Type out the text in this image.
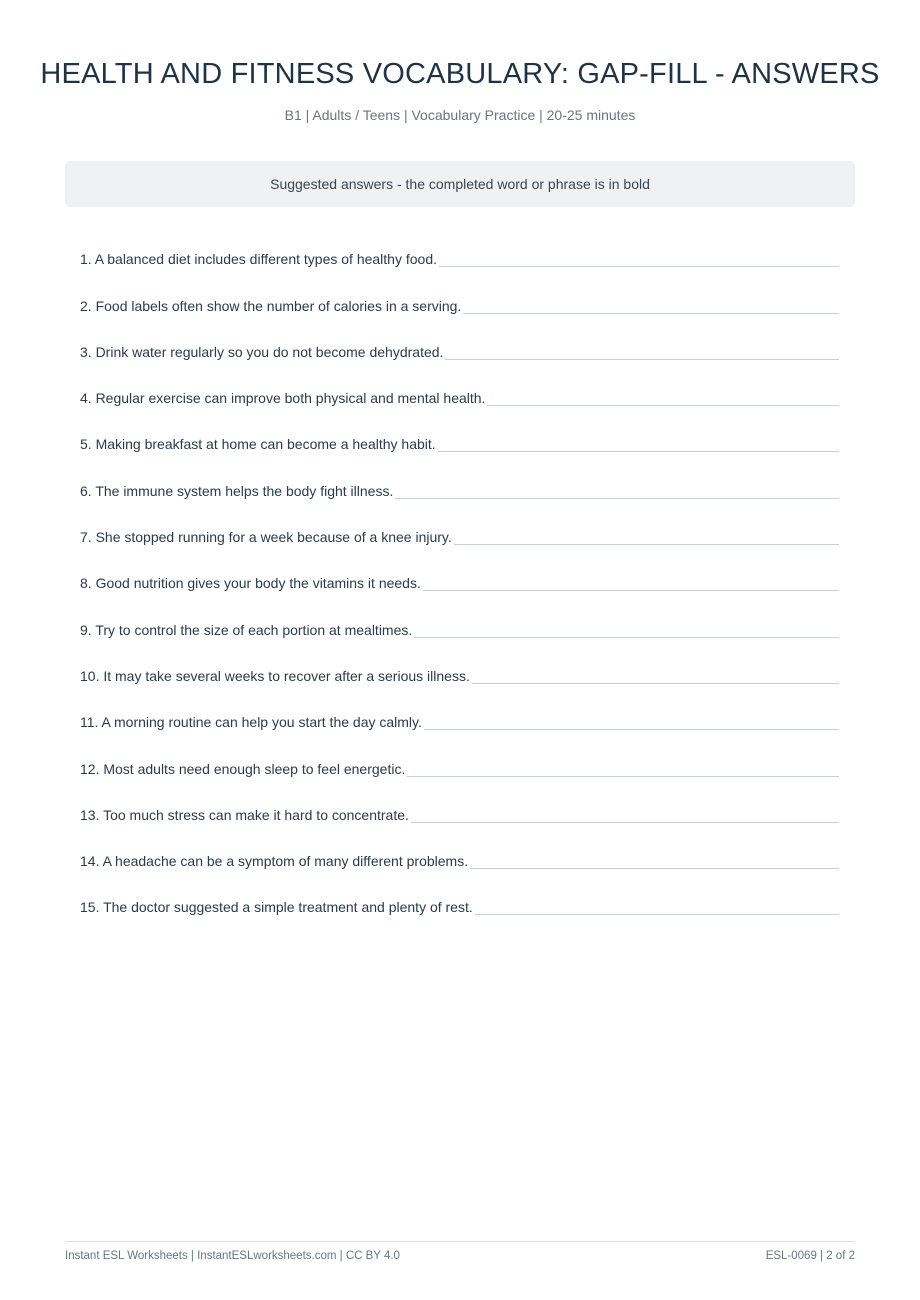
HEALTH AND FITNESS VOCABULARY: GAP-FILL - ANSWERS

B1 | Adults / Teens | Vocabulary Practice | 20-25 minutes

Suggested answers - the completed word or phrase is in bold
1. A balanced diet includes different types of healthy food.
2. Food labels often show the number of calories in a serving.
3. Drink water regularly so you do not become dehydrated.
4. Regular exercise can improve both physical and mental health.
5. Making breakfast at home can become a healthy habit.
6. The immune system helps the body fight illness.
7. She stopped running for a week because of a knee injury.
8. Good nutrition gives your body the vitamins it needs.
9. Try to control the size of each portion at mealtimes.
10. It may take several weeks to recover after a serious illness.
11. A morning routine can help you start the day calmly.
12. Most adults need enough sleep to feel energetic.
13. Too much stress can make it hard to concentrate.
14. A headache can be a symptom of many different problems.
15. The doctor suggested a simple treatment and plenty of rest.
Instant ESL Worksheets | InstantESLworksheets.com | CC BY 4.0	ESL-0069 | 2 of 2
